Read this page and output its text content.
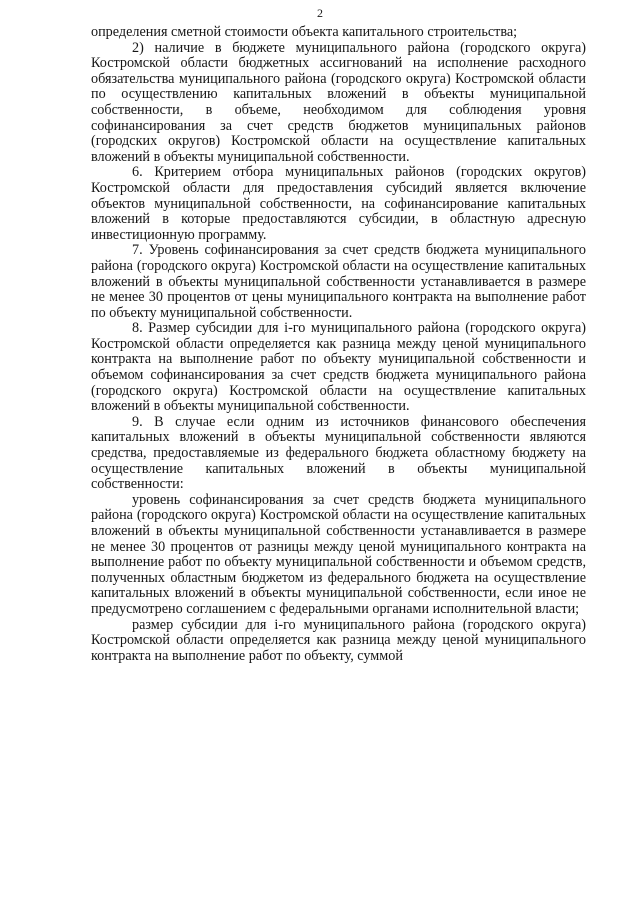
2

определения сметной стоимости объекта капитального строительства;

2) наличие в бюджете муниципального района (городского округа) Костромской области бюджетных ассигнований на исполнение расходного обязательства муниципального района (городского округа) Костромской области по осуществлению капитальных вложений в объекты муниципальной собственности, в объеме, необходимом для соблюдения уровня софинансирования за счет средств бюджетов муниципальных районов (городских округов) Костромской области на осуществление капитальных вложений в объекты муниципальной собственности.

6. Критерием отбора муниципальных районов (городских округов) Костромской области для предоставления субсидий является включение объектов муниципальной собственности, на софинансирование капитальных вложений в которые предоставляются субсидии, в областную адресную инвестиционную программу.

7. Уровень софинансирования за счет средств бюджета муниципального района (городского округа) Костромской области на осуществление капитальных вложений в объекты муниципальной собственности устанавливается в размере не менее 30 процентов от цены муниципального контракта на выполнение работ по объекту муниципальной собственности.

8. Размер субсидии для i-го муниципального района (городского округа) Костромской области определяется как разница между ценой муниципального контракта на выполнение работ по объекту муниципальной собственности и объемом софинансирования за счет средств бюджета муниципального района (городского округа) Костромской области на осуществление капитальных вложений в объекты муниципальной собственности.

9. В случае если одним из источников финансового обеспечения капитальных вложений в объекты муниципальной собственности являются средства, предоставляемые из федерального бюджета областному бюджету на осуществление капитальных вложений в объекты муниципальной собственности:

уровень софинансирования за счет средств бюджета муниципального района (городского округа) Костромской области на осуществление капитальных вложений в объекты муниципальной собственности устанавливается в размере не менее 30 процентов от разницы между ценой муниципального контракта на выполнение работ по объекту муниципальной собственности и объемом средств, полученных областным бюджетом из федерального бюджета на осуществление капитальных вложений в объекты муниципальной собственности, если иное не предусмотрено соглашением с федеральными органами исполнительной власти;

размер субсидии для i-го муниципального района (городского округа) Костромской области определяется как разница между ценой муниципального контракта на выполнение работ по объекту, суммой
